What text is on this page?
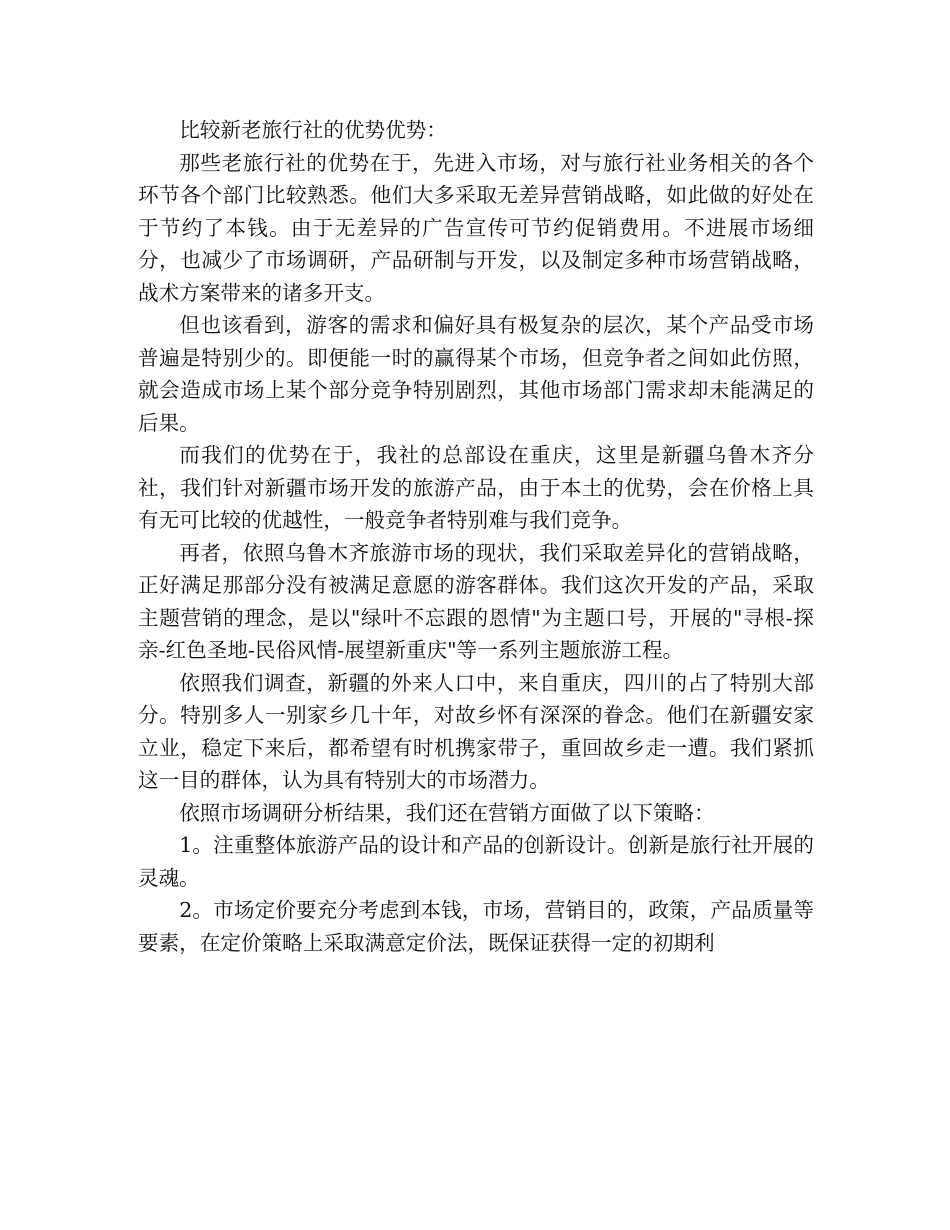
比较新老旅行社的优势优势：

那些老旅行社的优势在于，先进入市场，对与旅行社业务相关的各个环节各个部门比较熟悉。他们大多采取无差异营销战略，如此做的好处在于节约了本钱。由于无差异的广告宣传可节约促销费用。不进展市场细分，也减少了市场调研，产品研制与开发，以及制定多种市场营销战略，战术方案带来的诸多开支。

但也该看到，游客的需求和偏好具有极复杂的层次，某个产品受市场普遍是特别少的。即便能一时的赢得某个市场，但竞争者之间如此仿照，就会造成市场上某个部分竞争特别剧烈，其他市场部门需求却未能满足的后果。

而我们的优势在于，我社的总部设在重庆，这里是新疆乌鲁木齐分社，我们针对新疆市场开发的旅游产品，由于本土的优势，会在价格上具有无可比较的优越性，一般竞争者特别难与我们竞争。

再者，依照乌鲁木齐旅游市场的现状，我们采取差异化的营销战略，正好满足那部分没有被满足意愿的游客群体。我们这次开发的产品，采取主题营销的理念，是以"绿叶不忘跟的恩情"为主题口号，开展的"寻根-探亲-红色圣地-民俗风情-展望新重庆"等一系列主题旅游工程。

依照我们调查，新疆的外来人口中，来自重庆，四川的占了特别大部分。特别多人一别家乡几十年，对故乡怀有深深的眷念。他们在新疆安家立业，稳定下来后，都希望有时机携家带子，重回故乡走一遭。我们紧抓这一目的群体，认为具有特别大的市场潜力。

依照市场调研分析结果，我们还在营销方面做了以下策略：

1。注重整体旅游产品的设计和产品的创新设计。创新是旅行社开展的灵魂。

2。市场定价要充分考虑到本钱，市场，营销目的，政策，产品质量等要素，在定价策略上采取满意定价法，既保证获得一定的初期利
